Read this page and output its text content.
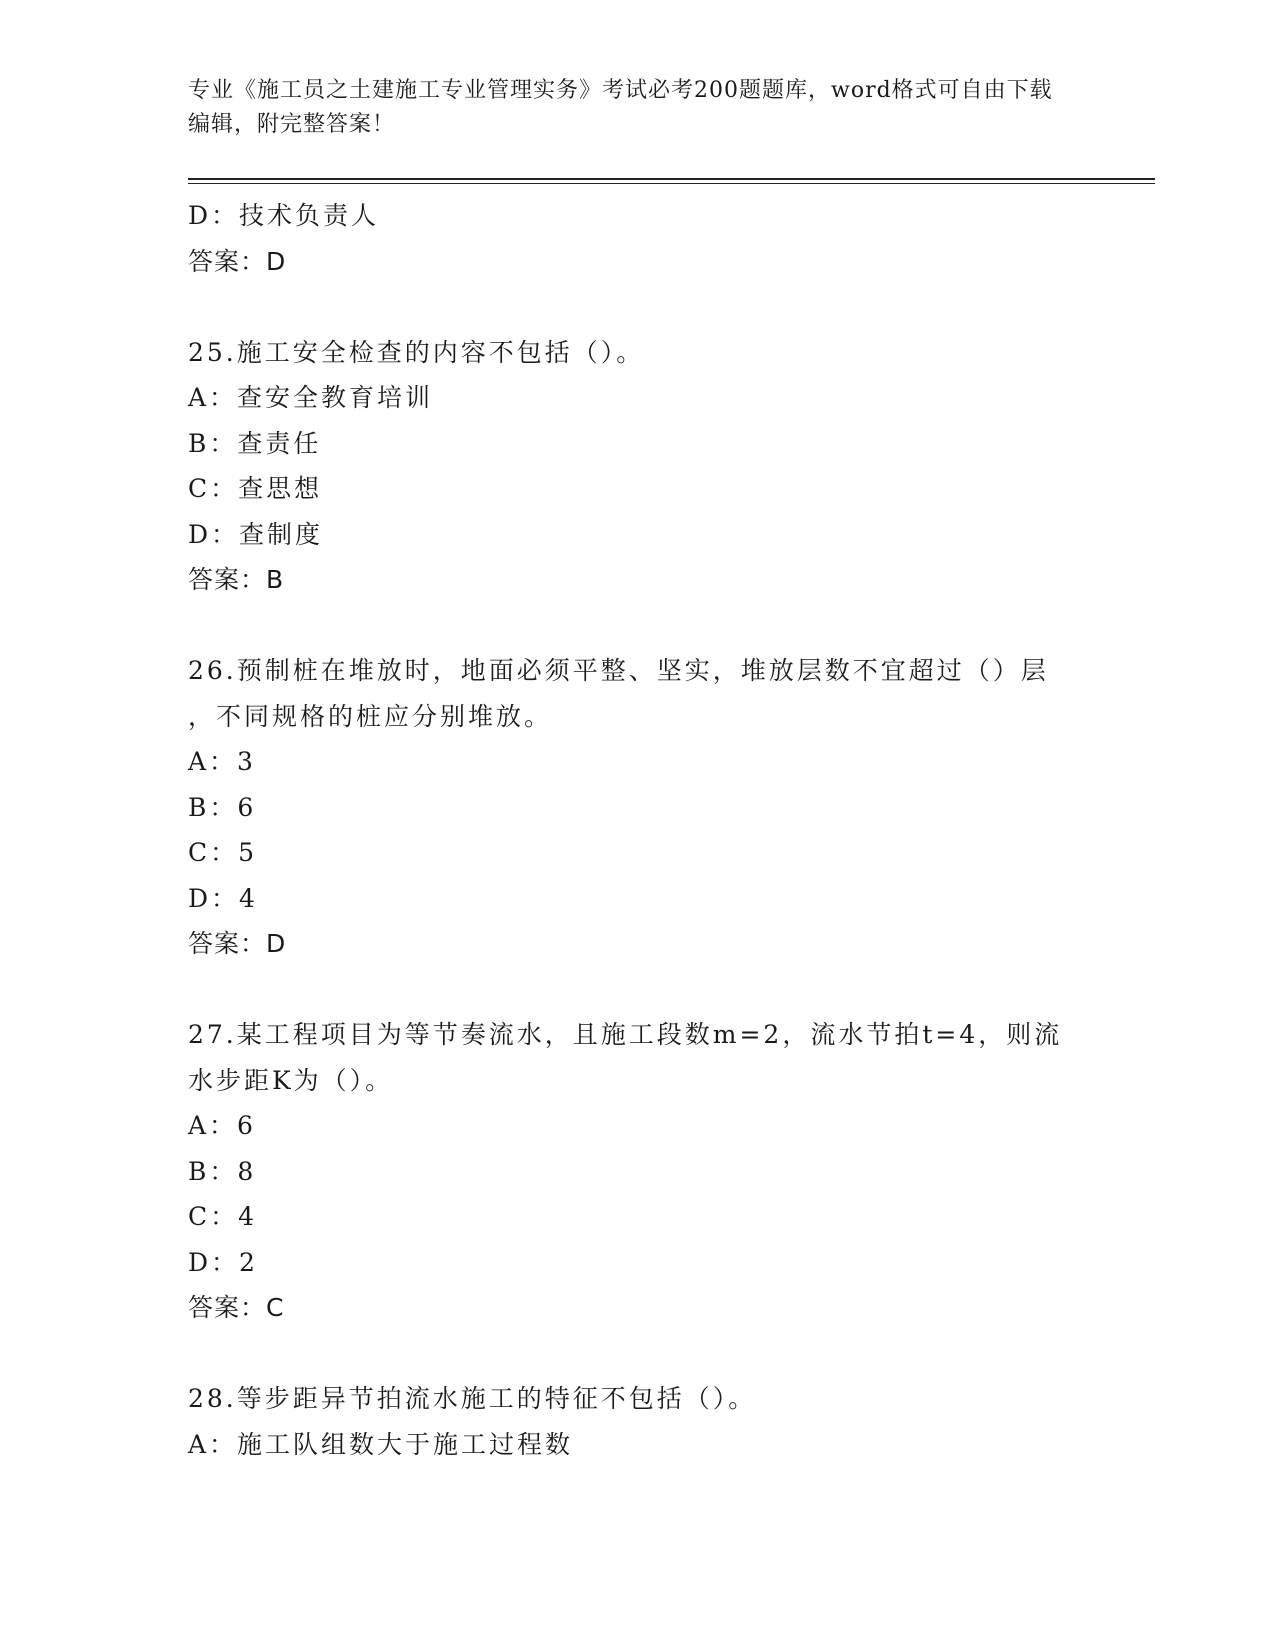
专业《施工员之土建施工专业管理实务》考试必考200题题库，word格式可自由下载编辑，附完整答案！
D：技术负责人
答案：D
25.施工安全检查的内容不包括（）。
A：查安全教育培训
B：查责任
C：查思想
D：查制度
答案：B
26.预制桩在堆放时，地面必须平整、坚实，堆放层数不宜超过（）层
，不同规格的桩应分别堆放。
A：3
B：6
C：5
D：4
答案：D
27.某工程项目为等节奏流水，且施工段数m=2，流水节拍t=4，则流
水步距K为（）。
A：6
B：8
C：4
D：2
答案：C
28.等步距异节拍流水施工的特征不包括（）。
A：施工队组数大于施工过程数
